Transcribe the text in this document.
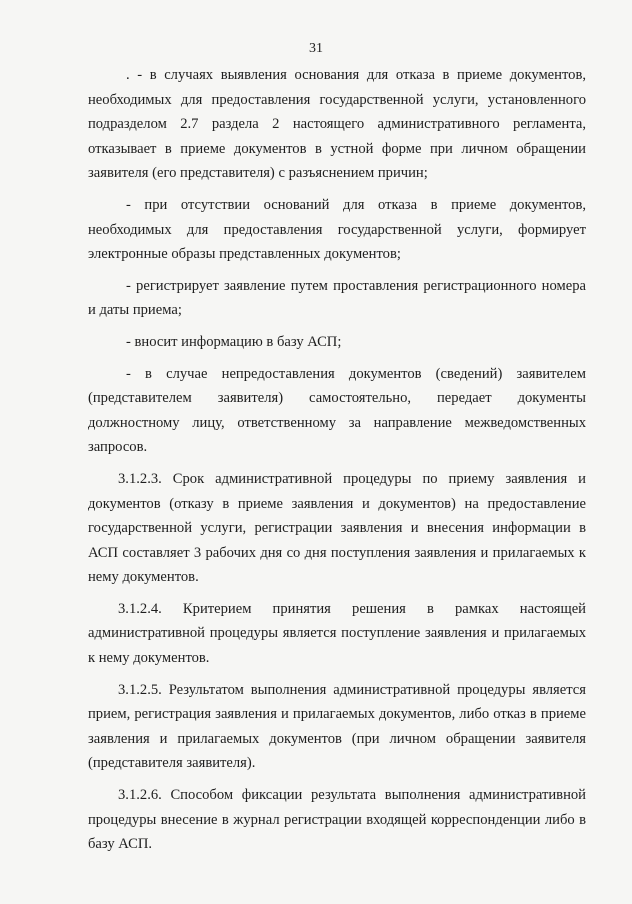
31

. - в случаях выявления основания для отказа в приеме документов, необходимых для предоставления государственной услуги, установленного подразделом 2.7 раздела 2 настоящего административного регламента, отказывает в приеме документов в устной форме при личном обращении заявителя (его представителя) с разъяснением причин;

- при отсутствии оснований для отказа в приеме документов, необходимых для предоставления государственной услуги, формирует электронные образы представленных документов;

- регистрирует заявление путем проставления регистрационного номера и даты приема;

- вносит информацию в базу АСП;

- в случае непредоставления документов (сведений) заявителем (представителем заявителя) самостоятельно, передает документы должностному лицу, ответственному за направление межведомственных запросов.

3.1.2.3. Срок административной процедуры по приему заявления и документов (отказу в приеме заявления и документов) на предоставление государственной услуги, регистрации заявления и внесения информации в АСП составляет 3 рабочих дня со дня поступления заявления и прилагаемых к нему документов.

3.1.2.4. Критерием принятия решения в рамках настоящей административной процедуры является поступление заявления и прилагаемых к нему документов.

3.1.2.5. Результатом выполнения административной процедуры является прием, регистрация заявления и прилагаемых документов, либо отказ в приеме заявления и прилагаемых документов (при личном обращении заявителя (представителя заявителя).

3.1.2.6. Способом фиксации результата выполнения административной процедуры внесение в журнал регистрации входящей корреспонденции либо в базу АСП.
